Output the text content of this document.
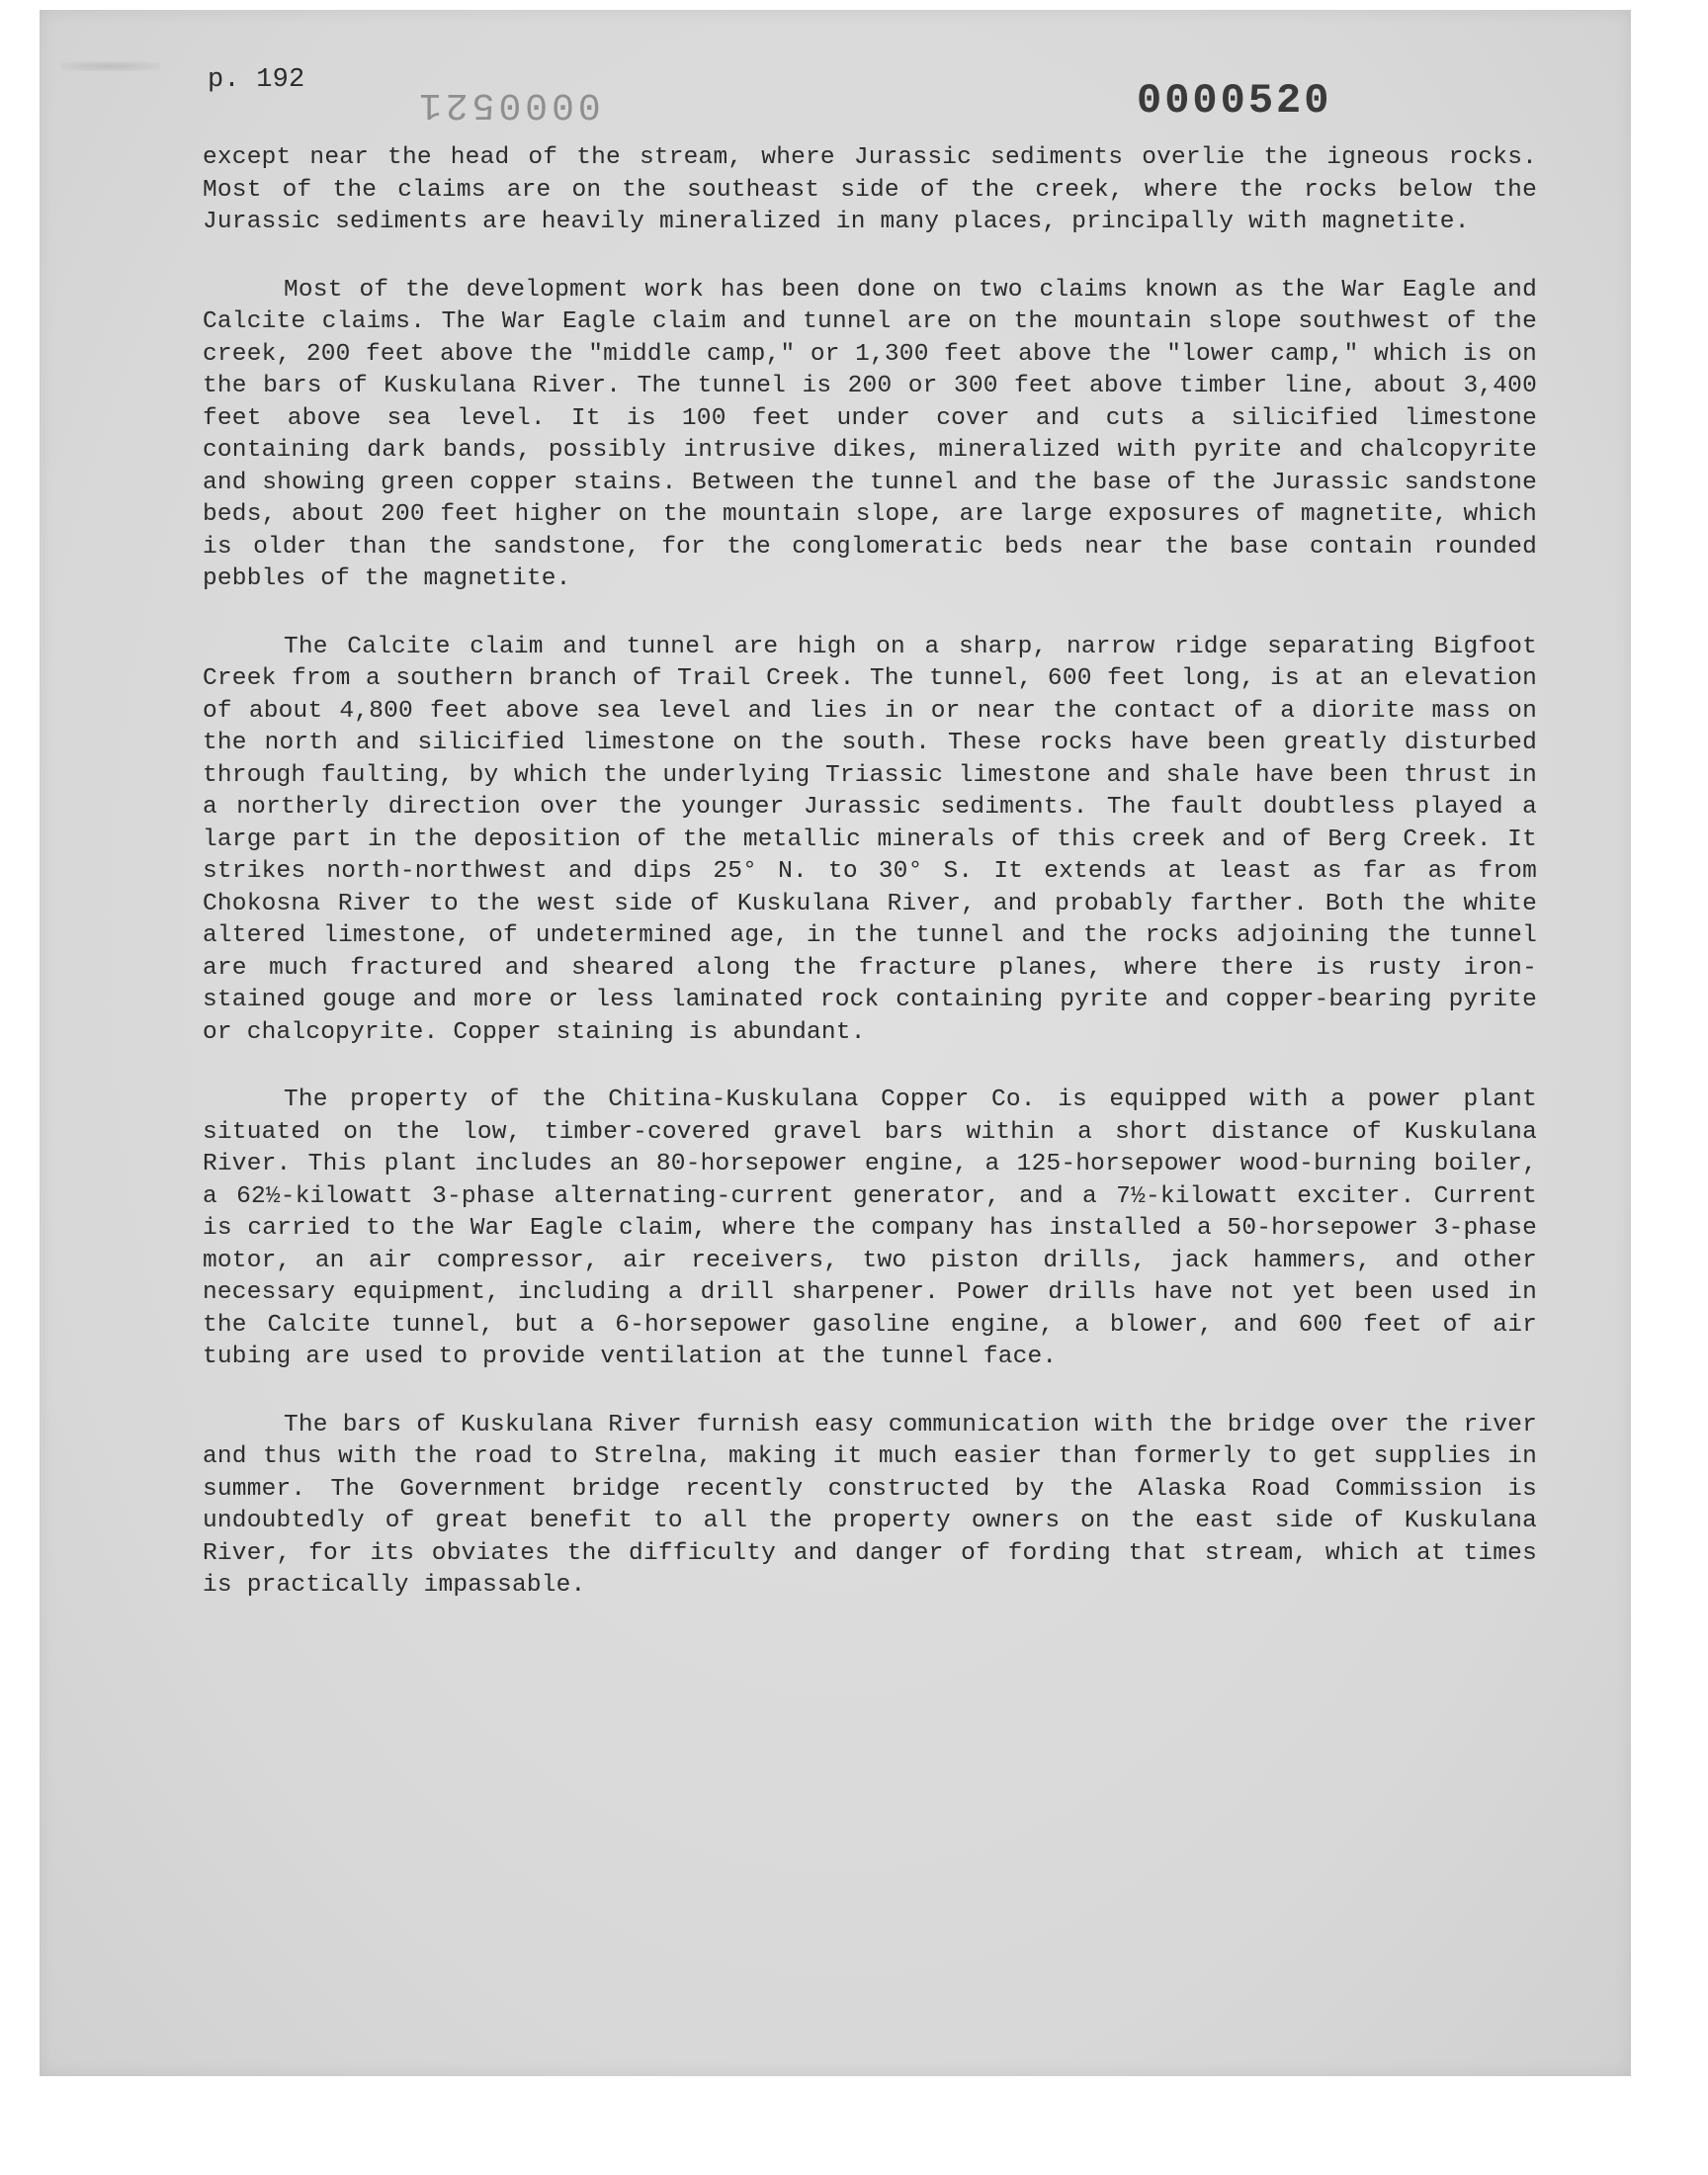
p. 192
0000521	0000520

except near the head of the stream, where Jurassic sediments overlie the igneous rocks. Most of the claims are on the southeast side of the creek, where the rocks below the Jurassic sediments are heavily mineralized in many places, principally with magnetite.

Most of the development work has been done on two claims known as the War Eagle and Calcite claims. The War Eagle claim and tunnel are on the mountain slope southwest of the creek, 200 feet above the "middle camp," or 1,300 feet above the "lower camp," which is on the bars of Kuskulana River. The tunnel is 200 or 300 feet above timber line, about 3,400 feet above sea level. It is 100 feet under cover and cuts a silicified limestone containing dark bands, possibly intrusive dikes, mineralized with pyrite and chalcopyrite and showing green copper stains. Between the tunnel and the base of the Jurassic sandstone beds, about 200 feet higher on the mountain slope, are large exposures of magnetite, which is older than the sandstone, for the conglomeratic beds near the base contain rounded pebbles of the magnetite.

The Calcite claim and tunnel are high on a sharp, narrow ridge separating Bigfoot Creek from a southern branch of Trail Creek. The tunnel, 600 feet long, is at an elevation of about 4,800 feet above sea level and lies in or near the contact of a diorite mass on the north and silicified limestone on the south. These rocks have been greatly disturbed through faulting, by which the underlying Triassic limestone and shale have been thrust in a northerly direction over the younger Jurassic sediments. The fault doubtless played a large part in the deposition of the metallic minerals of this creek and of Berg Creek. It strikes north-northwest and dips 25° N. to 30° S. It extends at least as far as from Chokosna River to the west side of Kuskulana River, and probably farther. Both the white altered limestone, of undetermined age, in the tunnel and the rocks adjoining the tunnel are much fractured and sheared along the fracture planes, where there is rusty iron-stained gouge and more or less laminated rock containing pyrite and copper-bearing pyrite or chalcopyrite. Copper staining is abundant.

The property of the Chitina-Kuskulana Copper Co. is equipped with a power plant situated on the low, timber-covered gravel bars within a short distance of Kuskulana River. This plant includes an 80-horsepower engine, a 125-horsepower wood-burning boiler, a 62½-kilowatt 3-phase alternating-current generator, and a 7½-kilowatt exciter. Current is carried to the War Eagle claim, where the company has installed a 50-horsepower 3-phase motor, an air compressor, air receivers, two piston drills, jack hammers, and other necessary equipment, including a drill sharpener. Power drills have not yet been used in the Calcite tunnel, but a 6-horsepower gasoline engine, a blower, and 600 feet of air tubing are used to provide ventilation at the tunnel face.

The bars of Kuskulana River furnish easy communication with the bridge over the river and thus with the road to Strelna, making it much easier than formerly to get supplies in summer. The Government bridge recently constructed by the Alaska Road Commission is undoubtedly of great benefit to all the property owners on the east side of Kuskulana River, for its obviates the difficulty and danger of fording that stream, which at times is practically impassable.
